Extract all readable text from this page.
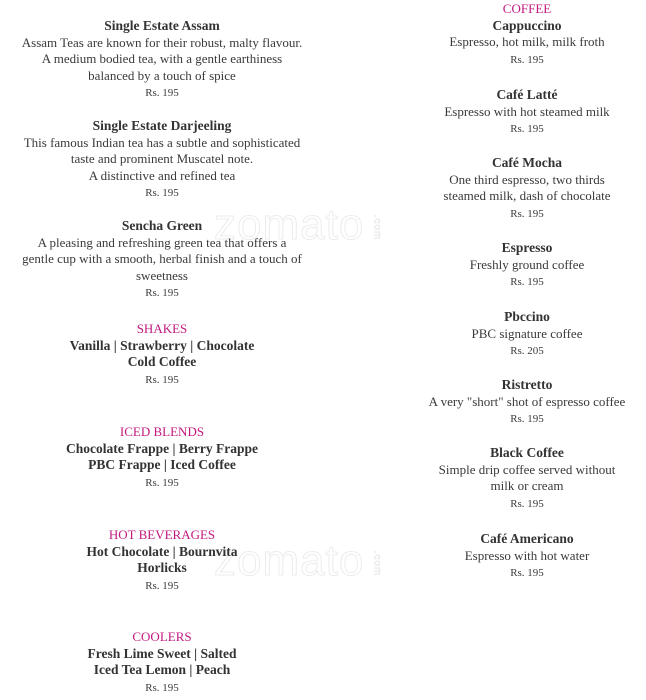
zomato .com
zomato .com
Single Estate Assam
Assam Teas are known for their robust, malty flavour.
A medium bodied tea, with a gentle earthiness
balanced by a touch of spice
Rs. 195
Single Estate Darjeeling
This famous Indian tea has a subtle and sophisticated
taste and prominent Muscatel note.
A distinctive and refined tea
Rs. 195
Sencha Green
A pleasing and refreshing green tea that offers a
gentle cup with a smooth, herbal finish and a touch of
sweetness
Rs. 195
SHAKES
Vanilla | Strawberry | Chocolate
Cold Coffee
Rs. 195
ICED BLENDS
Chocolate Frappe | Berry Frappe
PBC Frappe | Iced Coffee
Rs. 195
HOT BEVERAGES
Hot Chocolate | Bournvita
Horlicks
Rs. 195
COOLERS
Fresh Lime Sweet | Salted
Iced Tea Lemon | Peach
Rs. 195
COFFEE
Cappuccino
Espresso, hot milk, milk froth
Rs. 195
Café Latté
Espresso with hot steamed milk
Rs. 195
Café Mocha
One third espresso, two thirds
steamed milk, dash of chocolate
Rs. 195
Espresso
Freshly ground coffee
Rs. 195
Pbccino
PBC signature coffee
Rs. 205
Ristretto
A very "short" shot of espresso coffee
Rs. 195
Black Coffee
Simple drip coffee served without
milk or cream
Rs. 195
Café Americano
Espresso with hot water
Rs. 195
